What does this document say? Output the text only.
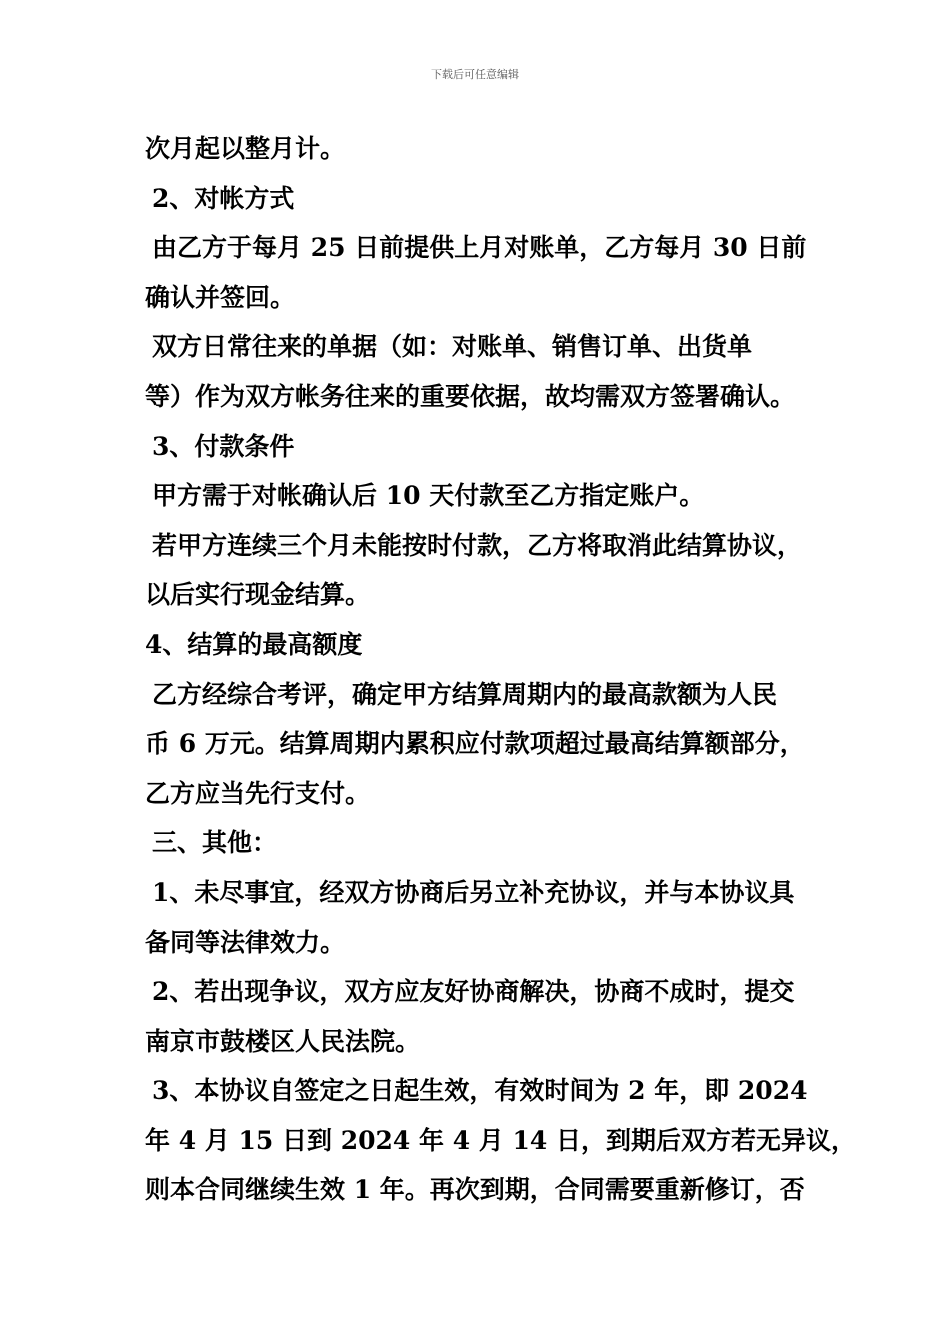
下载后可任意编辑
次月起以整月计。
2、对帐方式
由乙方于每月 25 日前提供上月对账单，乙方每月 30 日前
确认并签回。
双方日常往来的单据（如：对账单、销售订单、出货单
等）作为双方帐务往来的重要依据，故均需双方签署确认。
3、付款条件
甲方需于对帐确认后 10 天付款至乙方指定账户。
若甲方连续三个月未能按时付款，乙方将取消此结算协议，
以后实行现金结算。
4、结算的最高额度
乙方经综合考评，确定甲方结算周期内的最高款额为人民
币 6 万元。结算周期内累积应付款项超过最高结算额部分，
乙方应当先行支付。
三、其他：
1、未尽事宜，经双方协商后另立补充协议，并与本协议具
备同等法律效力。
2、若出现争议，双方应友好协商解决，协商不成时，提交
南京市鼓楼区人民法院。
3、本协议自签定之日起生效，有效时间为 2 年，即 2024
年 4 月 15 日到 2024 年 4 月 14 日，到期后双方若无异议，
则本合同继续生效 1 年。再次到期，合同需要重新修订，否
